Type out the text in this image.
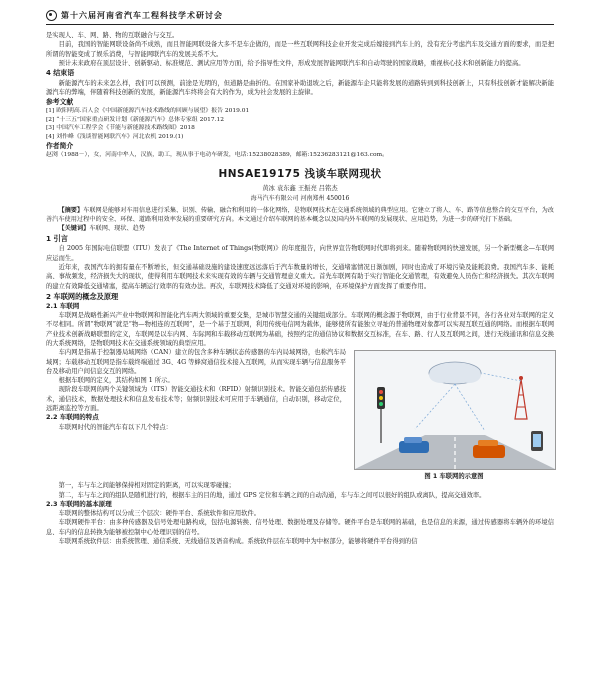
第十六届河南省汽车工程科技学术研讨会

是实现人、车、网、路、物的互联融合与交互。

目前，我国的智能网联设备尚不成熟，而且智能网联设备大多不是车企做的，而是一些互联网科技企业开发完成后嫁接到汽车上的，没有充分考虑汽车及交通方面的要求，而是把所谓的智能变成了娱乐消费，与智能网联汽车的发展关系不大。

预计未来政府在顶层设计、创新驱动、标准规范、测试应用等方面，给予指导性文件，形成发展智能网联汽车和自动驾驶的国家战略，重视核心技术和创新能力的提高。

4 结束语

新能源汽车的未来怎么样，我们可以预测，前途是光明的，但道路是曲折的。在国家补助退坡之后，新能源车企只能将发展的道路转到到科技创新上，只有科技创新才能解决新能源汽车的弊端，伴随着科技创新的发展，新能源汽车终将会有大的作为，成为社会发展的主旋律。

参考文献

[1] 欧阳明高.百人会《中国新能源汽车技术路线的回顾与展望》报告 2019.01

[2] “十三五”国家重点研发计划《新能源汽车》总体专家组 2017.12

[3] 中国汽车工程学会《节能与新能源技术路线图》2018

[4] 刘作峰《浅谈智能网联汽车》河北农机 2019.(1)

作者简介

赵浏（1988－），女，河南中牟人，汉族，助工，现从事于电动车研发，电话:15238028389，邮箱:15236283121@163.com。

HNSAE19175 浅谈车联网现状
黄冰 袁东鑫 王振亮 吕铭杰
海马汽车有限公司 河南郑州 450016
【摘要】车联网是能够对车用信息进行采集、识别、传输、融合和利用的一体化网络，是物联网技术在交通系统领域的典型应用。它建立了将人、车、路等信息整合的交互平台，为改善汽车使用过程中的安全、环保、道路利用效率发展的重要研究方向。本文通过介绍车联网的基本概念以及国内外车联网的发展现状、应用趋势，为进一步的研究打下基础。
【关键词】车联网、现状、趋势
1 引言

自 2005 年国际电信联盟（ITU）发表了《The Internet of Things(物联网)》的年度报告，向世界宣告物联网时代即将到来。随着物联网的快速发展，另一个新型概念—车联网应运而生。

近年来，我国汽车的拥有量在不断增长，但交通基础设施的建设速度远远落后于汽车数量的增长，交通堵塞情况日渐加剧，同时也造成了环境污染及能耗浪费。我国汽车多、能耗高、事故频发，经济损失大的现状，使得利用车联网技术来实现有效的车辆与交通管理意义重大。首先车联网有助于实行智能化交通管理，有效避免人员伤亡和经济损失。其次车联网的建立有效降低交通堵塞，提高车辆运行效率的有效办法。再次，车联网技术降低了交通对环境的影响，在环境保护方面发挥了重要作用。

2 车联网的概念及原理
2.1 车联网

车联网是战略性新兴产业中物联网和智能化汽车两大领域的重要交集，是城市智慧交通的关键组成部分。车联网的概念源于物联网，由于行业背景不同，各行各业对车联网的定义不尽相同。所谓“物联网”就是“物—物相连的互联网”，是一个基于互联网，利用传统电信网为载体，能够使所有能独立寻址的普通物理对象都可以实现互联互通的网络。而根据车联网产业技术创新战略联盟的定义，车联网是以车内网、车际网和车载移动互联网为基础，按照约定的通信协议和数据交互标准，在车、路、行人及互联网之间，进行无线通讯和信息交换的大系统网络，是物联网技术在交通系统领域的典型应用。

车内网是指基于控制器局域网络（CAN）建立的包含多种车辆状态传感器的车内局域网络，也称汽车局域网；车载移动互联网是指车载终端通过 3G、4G 等蜂窝通信技术接入互联网，从而实现车辆与信息服务平台及移动用户间信息交互的网络。

根据车联网的定义，其结构如图 1 所示。

现阶段车联网的两个关键领域为（ITS）智能交通技术和（RFID）射频识别技术。智能交通包括传感技术，通信技术，数据处理技术和信息发布技术等；射频识别技术可应用于车辆通信，自动识别，移动定位，远距离监控等方面。

2.2 车联网的特点

车联网时代的智能汽车有以下几个特点：

图 1 车联网的示意图

第一，车与车之间能够保持相对固定的距离，可以实现零碰撞；

第二，车与车之间的组队是随机进行的，根据车主的目的地，通过 GPS 定位和车辆之间的自动沟通，车与车之间可以很好的组队或离队，提高交通效率。

2.3 车联网的基本原理

车联网的整体结构可以分成三个层次：硬件平台、系统软件和应用软件。

车联网硬件平台：由多种传感器及信号处理电路构成，包括电源转换、信号处理、数据处理及存储等。硬件平台是车联网的基础，也是信息的来源，通过传感器将车辆外的环境信息、车内的信息转换为能够被控制中心处理识别的信号。

车联网系统软件层：由系统管理、通信系统、无线通信及语音构成。系统软件层在车联网中为中枢部分，能够将硬件平台得到的信
